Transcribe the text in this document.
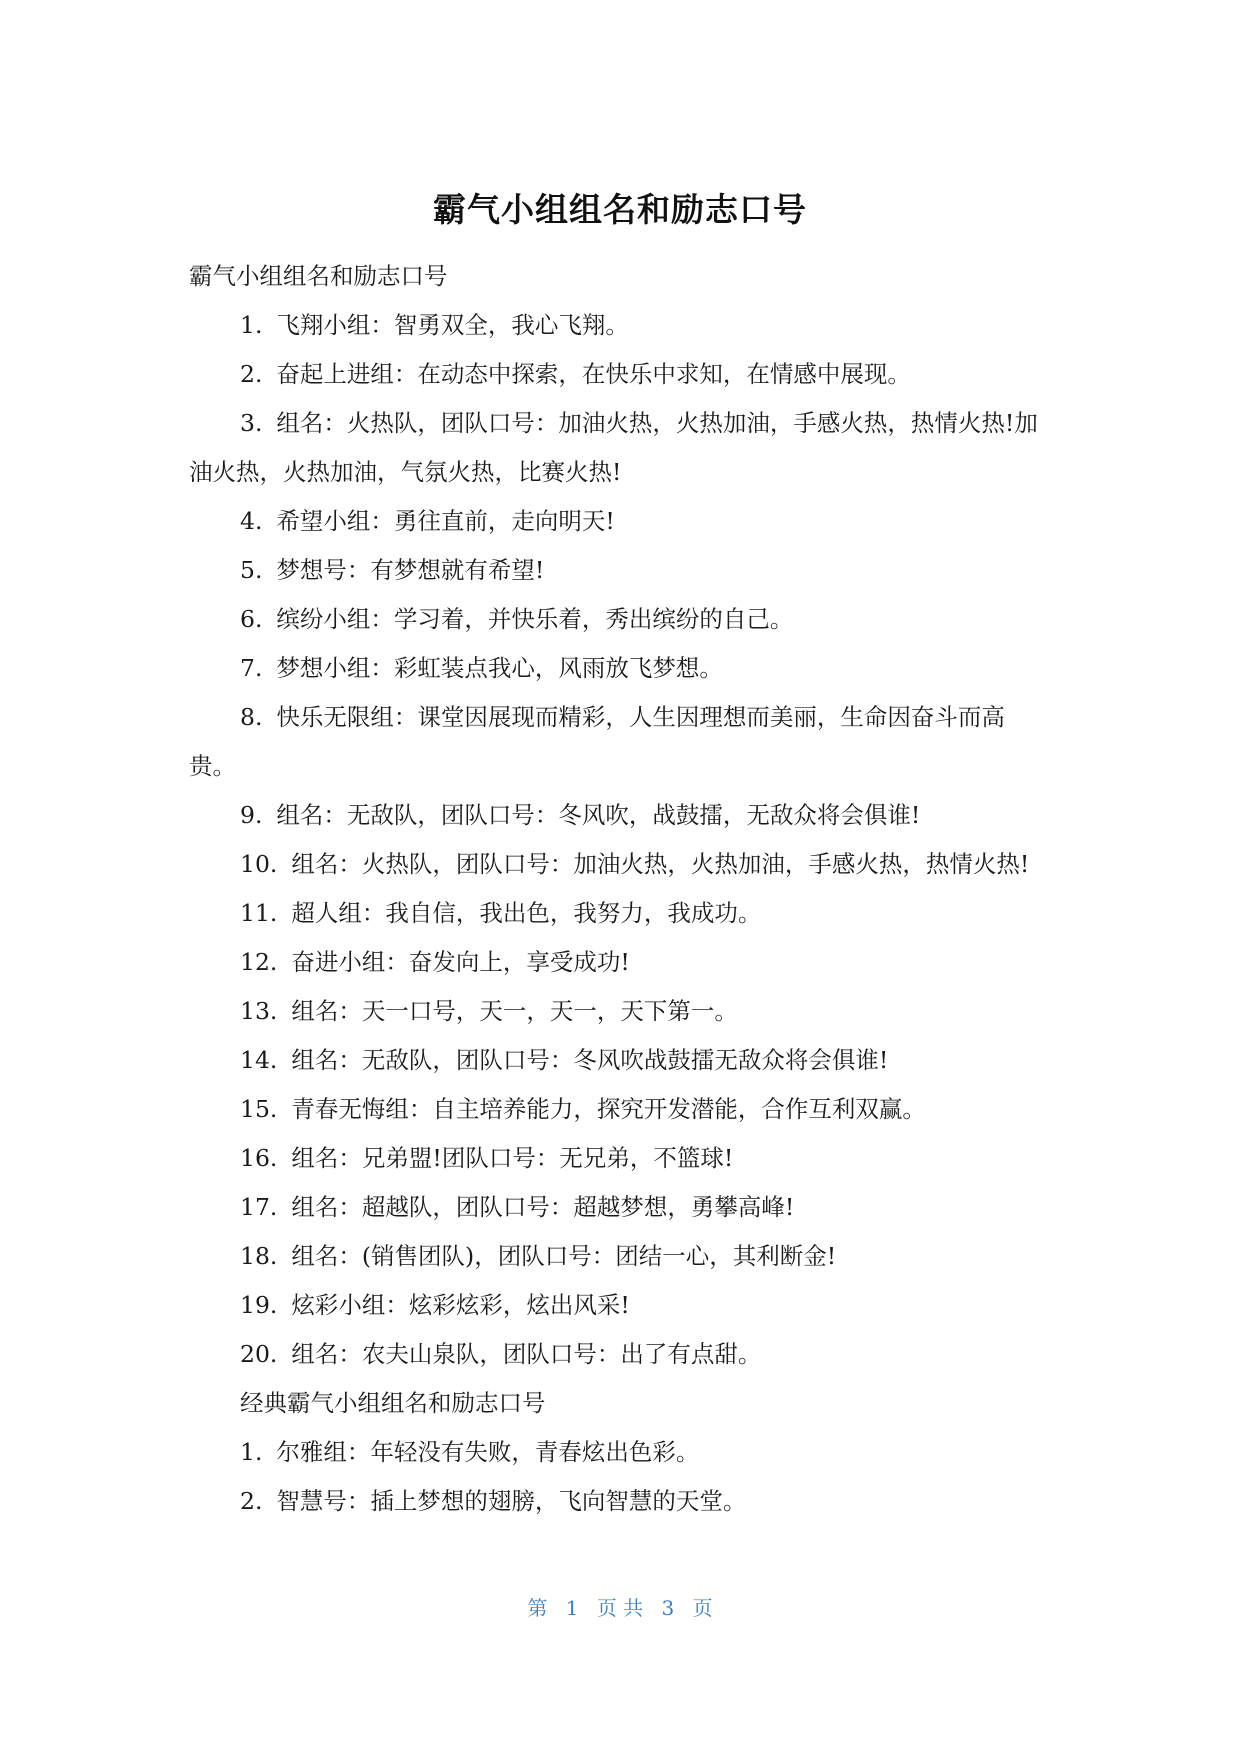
霸气小组组名和励志口号

霸气小组组名和励志口号

1. 飞翔小组：智勇双全，我心飞翔。

2. 奋起上进组：在动态中探索，在快乐中求知，在情感中展现。

3. 组名：火热队，团队口号：加油火热，火热加油，手感火热，热情火热!加油火热，火热加油，气氛火热，比赛火热!

4. 希望小组：勇往直前，走向明天!

5. 梦想号：有梦想就有希望!

6. 缤纷小组：学习着，并快乐着，秀出缤纷的自己。

7. 梦想小组：彩虹装点我心，风雨放飞梦想。

8. 快乐无限组：课堂因展现而精彩，人生因理想而美丽，生命因奋斗而高贵。

9. 组名：无敌队，团队口号：冬风吹，战鼓擂，无敌众将会俱谁!

10. 组名：火热队，团队口号：加油火热，火热加油，手感火热，热情火热!

11. 超人组：我自信，我出色，我努力，我成功。

12. 奋进小组：奋发向上，享受成功!

13. 组名：天一口号，天一，天一，天下第一。

14. 组名：无敌队，团队口号：冬风吹战鼓擂无敌众将会俱谁!

15. 青春无悔组：自主培养能力，探究开发潜能，合作互利双赢。

16. 组名：兄弟盟!团队口号：无兄弟，不篮球!

17. 组名：超越队，团队口号：超越梦想，勇攀高峰!

18. 组名：(销售团队)，团队口号：团结一心，其利断金!

19. 炫彩小组：炫彩炫彩，炫出风采!

20. 组名：农夫山泉队，团队口号：出了有点甜。

经典霸气小组组名和励志口号

1. 尔雅组：年轻没有失败，青春炫出色彩。

2. 智慧号：插上梦想的翅膀，飞向智慧的天堂。

第 1 页 共 3 页
